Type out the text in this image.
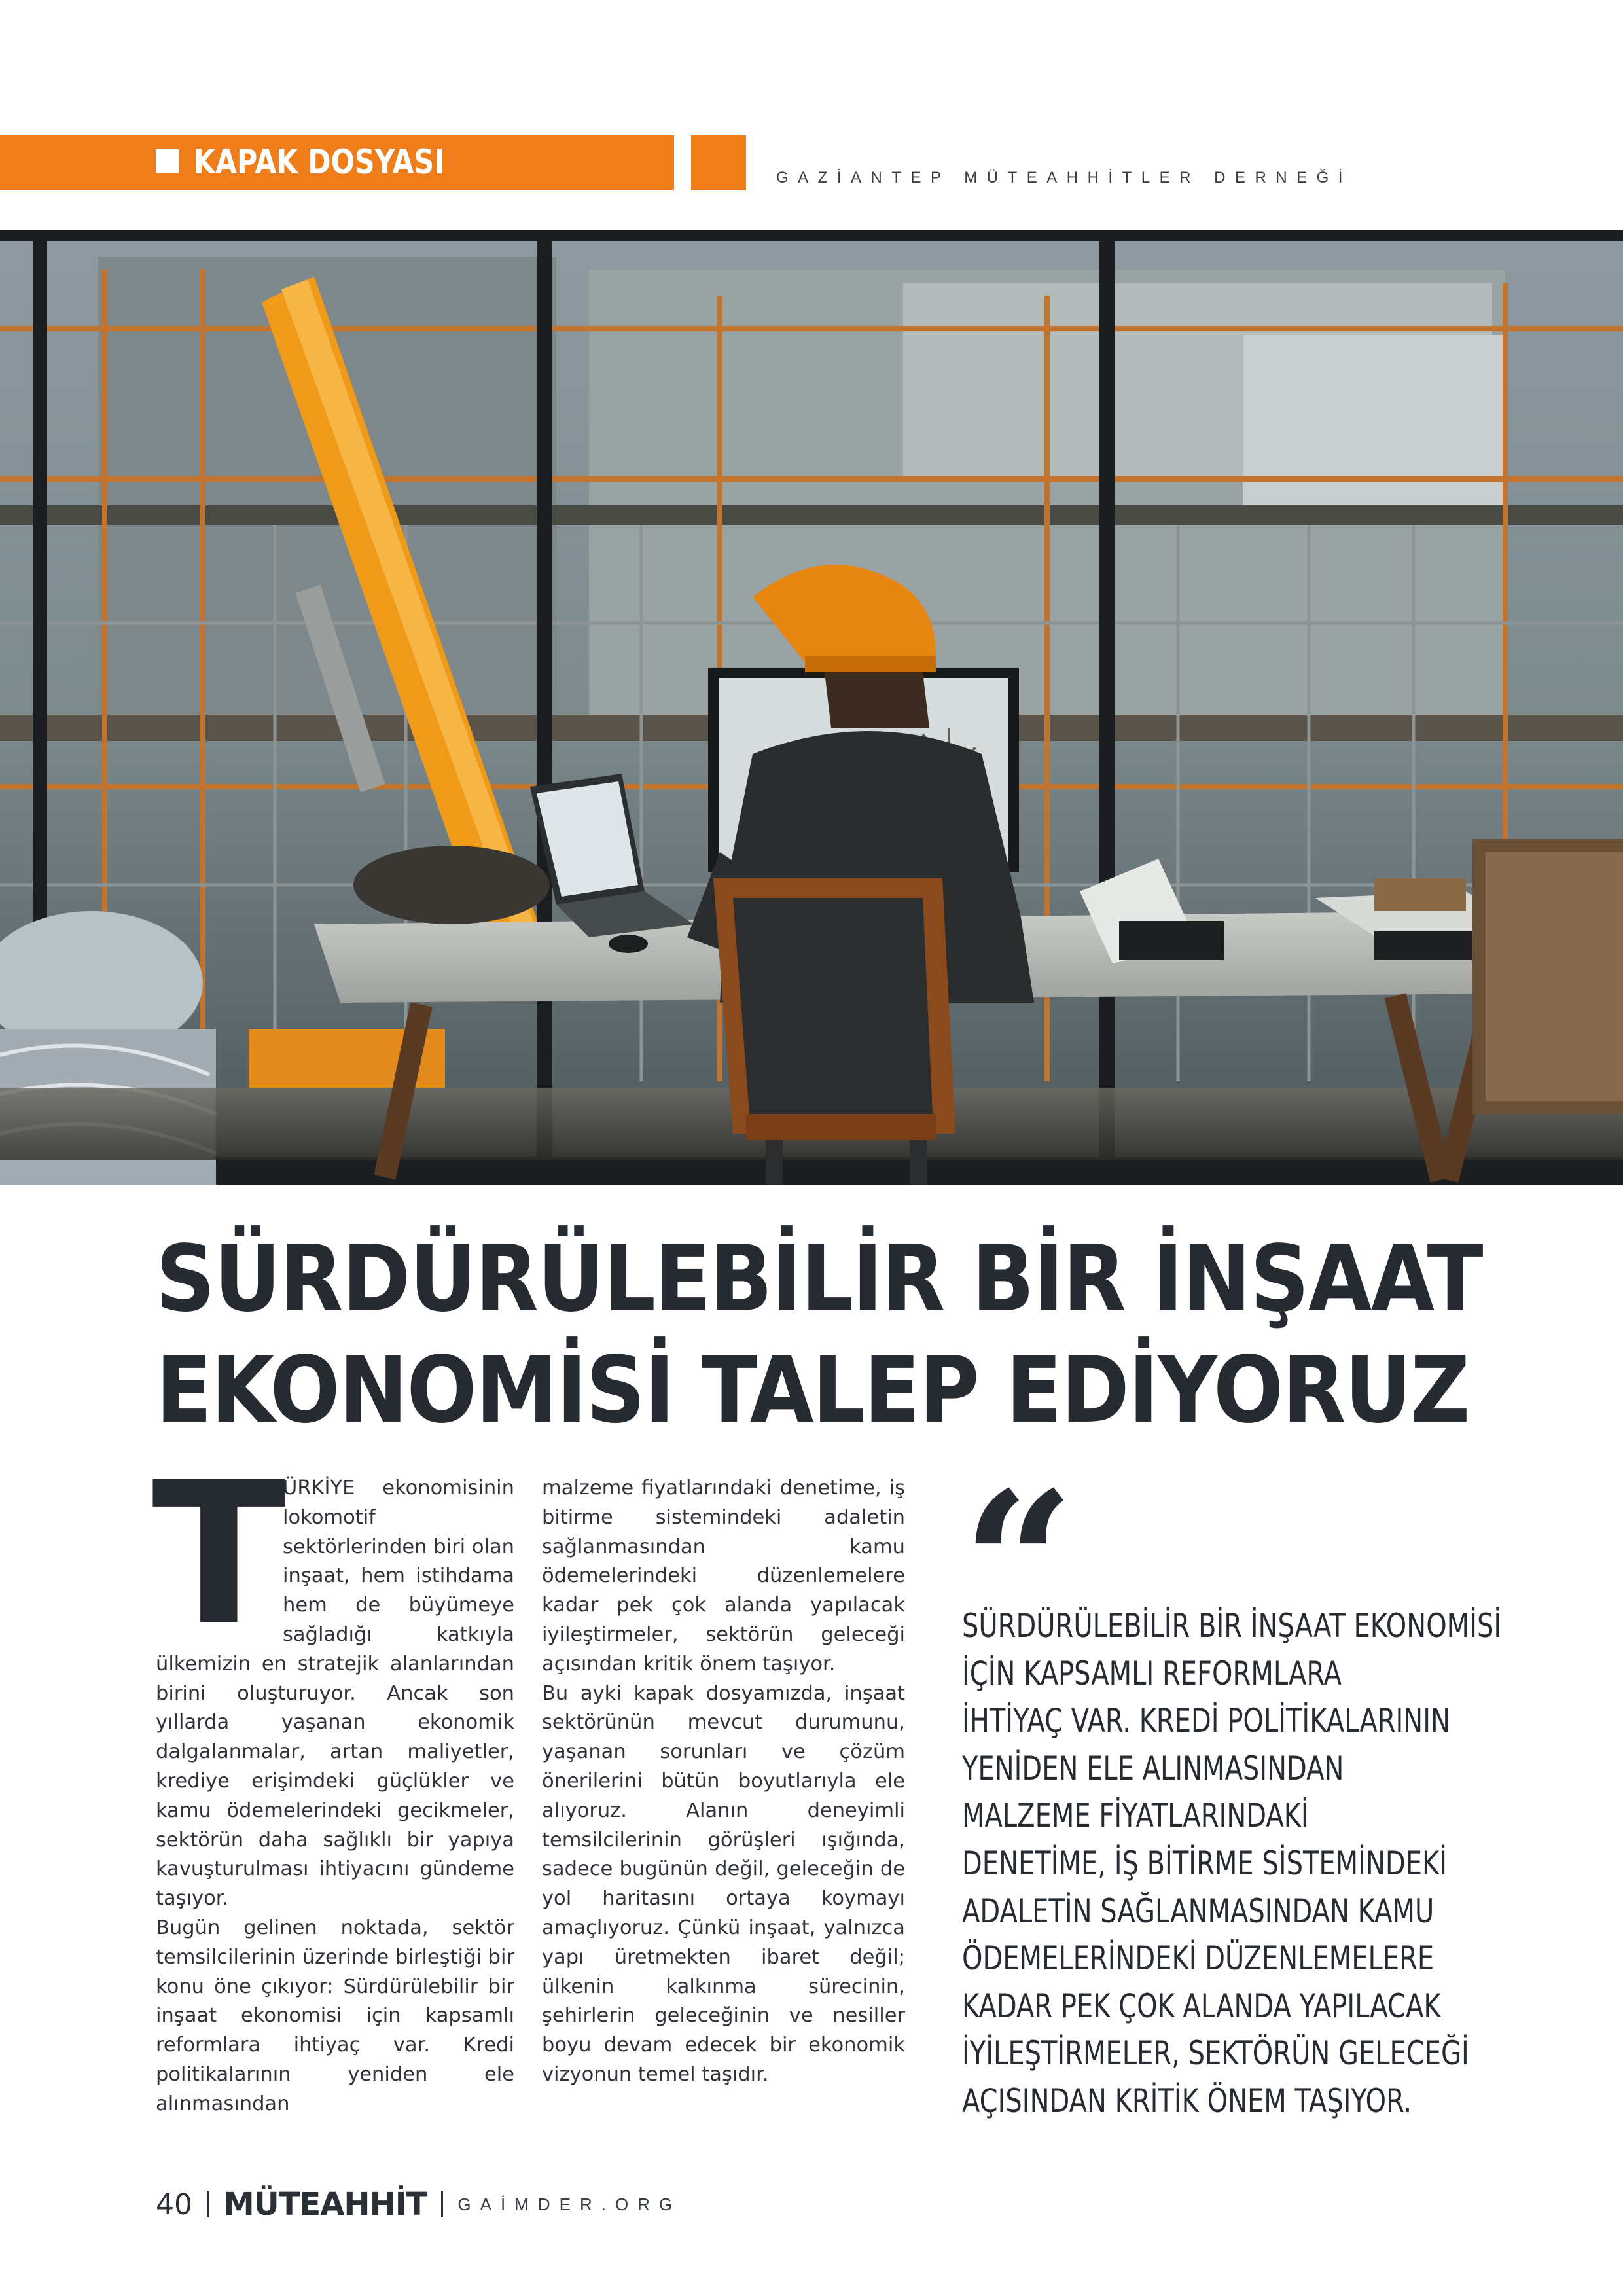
KAPAK DOSYASI	GAZİANTEP MÜTEAHHİTLER DERNEĞİ
SÜRDÜRÜLEBİLİR BİR İNŞAAT
EKONOMİSİ TALEP EDİYORUZ

T
ÜRKİYE ekonomisinin lokomotif sektörlerinden biri olan inşaat, hem istihdama hem de büyümeye sağladığı katkıyla ülkemizin en stratejik alanlarından birini oluşturuyor. Ancak son yıllarda yaşanan ekonomik dalgalanmalar, artan maliyetler, krediye erişimdeki güçlükler ve kamu ödemelerindeki gecikmeler, sektörün daha sağlıklı bir yapıya kavuşturulması ihtiyacını gündeme taşıyor.

Bugün gelinen noktada, sektör temsilcilerinin üzerinde birleştiği bir konu öne çıkıyor: Sürdürülebilir bir inşaat ekonomisi için kapsamlı reformlara ihtiyaç var. Kredi politikalarının yeniden ele alınmasından

malzeme fiyatlarındaki denetime, iş bitirme sistemindeki adaletin sağlanmasından kamu ödemelerindeki düzenlemelere kadar pek çok alanda yapılacak iyileştirmeler, sektörün geleceği açısından kritik önem taşıyor.

Bu ayki kapak dosyamızda, inşaat sektörünün mevcut durumunu, yaşanan sorunları ve çözüm önerilerini bütün boyutlarıyla ele alıyoruz. Alanın deneyimli temsilcilerinin görüşleri ışığında, sadece bugünün değil, geleceğin de yol haritasını ortaya koymayı amaçlıyoruz. Çünkü inşaat, yalnızca yapı üretmekten ibaret değil; ülkenin kalkınma sürecinin, şehirlerin geleceğinin ve nesiller boyu devam edecek bir ekonomik vizyonun temel taşıdır.

“
SÜRDÜRÜLEBİLİR BİR İNŞAAT EKONOMİSİ
İÇİN KAPSAMLI REFORMLARA
İHTİYAÇ VAR. KREDİ POLİTİKALARININ
YENİDEN ELE ALINMASINDAN
MALZEME FİYATLARINDAKİ
DENETİME, İŞ BİTİRME SİSTEMİNDEKİ
ADALETİN SAĞLANMASINDAN KAMU
ÖDEMELERİNDEKİ DÜZENLEMELERE
KADAR PEK ÇOK ALANDA YAPILACAK
İYİLEŞTİRMELER, SEKTÖRÜN GELECEĞİ
AÇISINDAN KRİTİK ÖNEM TAŞIYOR.
40 MÜTEAHHİT GAİMDER.ORG
